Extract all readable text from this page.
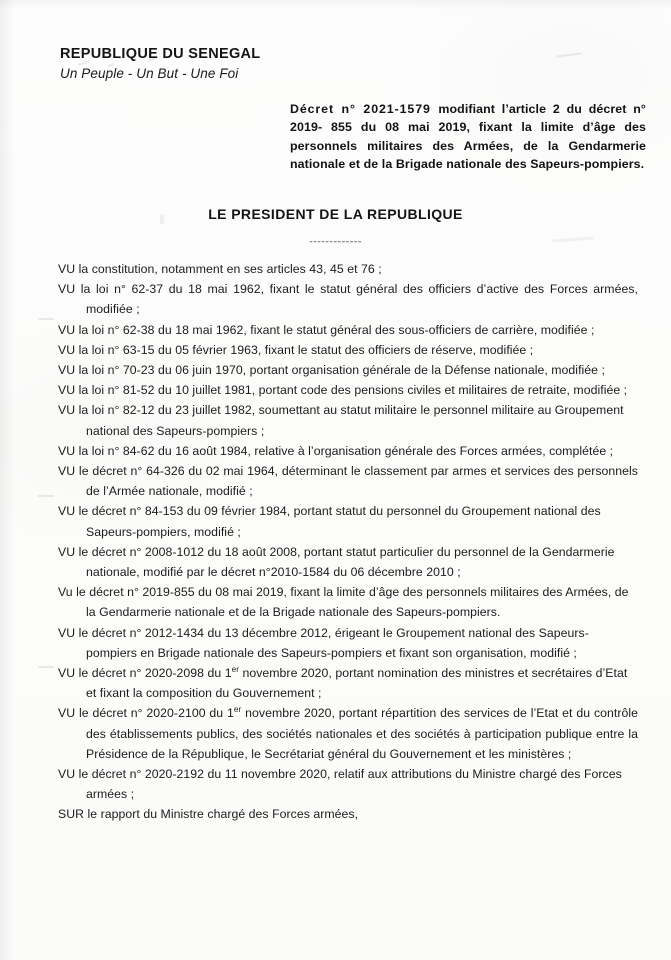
REPUBLIQUE DU SENEGAL
Un Peuple - Un But - Une Foi
Décret n° 2021-1579 modifiant l’article 2 du décret n° 2019- 855 du 08 mai 2019, fixant la limite d’âge des personnels militaires des Armées, de la Gendarmerie nationale et de la Brigade nationale des Sapeurs-pompiers.
LE PRESIDENT DE LA REPUBLIQUE
-------------
VU la constitution, notamment en ses articles 43, 45 et 76 ;
VU la loi n° 62-37 du 18 mai 1962, fixant le statut général des officiers d’active des Forces armées, modifiée ;
VU la loi n° 62-38 du 18 mai 1962, fixant le statut général des sous-officiers de carrière, modifiée ;
VU la loi n° 63-15 du 05 février 1963, fixant le statut des officiers de réserve, modifiée ;
VU la loi n° 70-23 du 06 juin 1970, portant organisation générale de la Défense nationale, modifiée ;
VU la loi n° 81-52 du 10 juillet 1981, portant code des pensions civiles et militaires de retraite, modifiée ;
VU la loi n° 82-12 du 23 juillet 1982, soumettant au statut militaire le personnel militaire au Groupement national des Sapeurs-pompiers ;
VU la loi n° 84-62 du 16 août 1984, relative à l’organisation générale des Forces armées, complétée ;
VU le décret n° 64-326 du 02 mai 1964, déterminant le classement par armes et services des personnels de l’Armée nationale, modifié ;
VU le décret n° 84-153 du 09 février 1984, portant statut du personnel du Groupement national des Sapeurs-pompiers, modifié ;
VU le décret n° 2008-1012 du 18 août 2008, portant statut particulier du personnel de la Gendarmerie nationale, modifié par le décret n°2010-1584 du 06 décembre 2010 ;
Vu le décret n° 2019-855 du 08 mai 2019, fixant la limite d’âge des personnels militaires des Armées, de la Gendarmerie nationale et de la Brigade nationale des Sapeurs-pompiers.
VU le décret n° 2012-1434 du 13 décembre 2012, érigeant le Groupement national des Sapeurs-pompiers en Brigade nationale des Sapeurs-pompiers et fixant son organisation, modifié ;
VU le décret n° 2020-2098 du 1er novembre 2020, portant nomination des ministres et secrétaires d’Etat et fixant la composition du Gouvernement ;
VU le décret n° 2020-2100 du 1er novembre 2020, portant répartition des services de l’Etat et du contrôle des établissements publics, des sociétés nationales et des sociétés à participation publique entre la Présidence de la République, le Secrétariat général du Gouvernement et les ministères ;
VU le décret n° 2020-2192 du 11 novembre 2020, relatif aux attributions du Ministre chargé des Forces armées ;
SUR le rapport du Ministre chargé des Forces armées,
